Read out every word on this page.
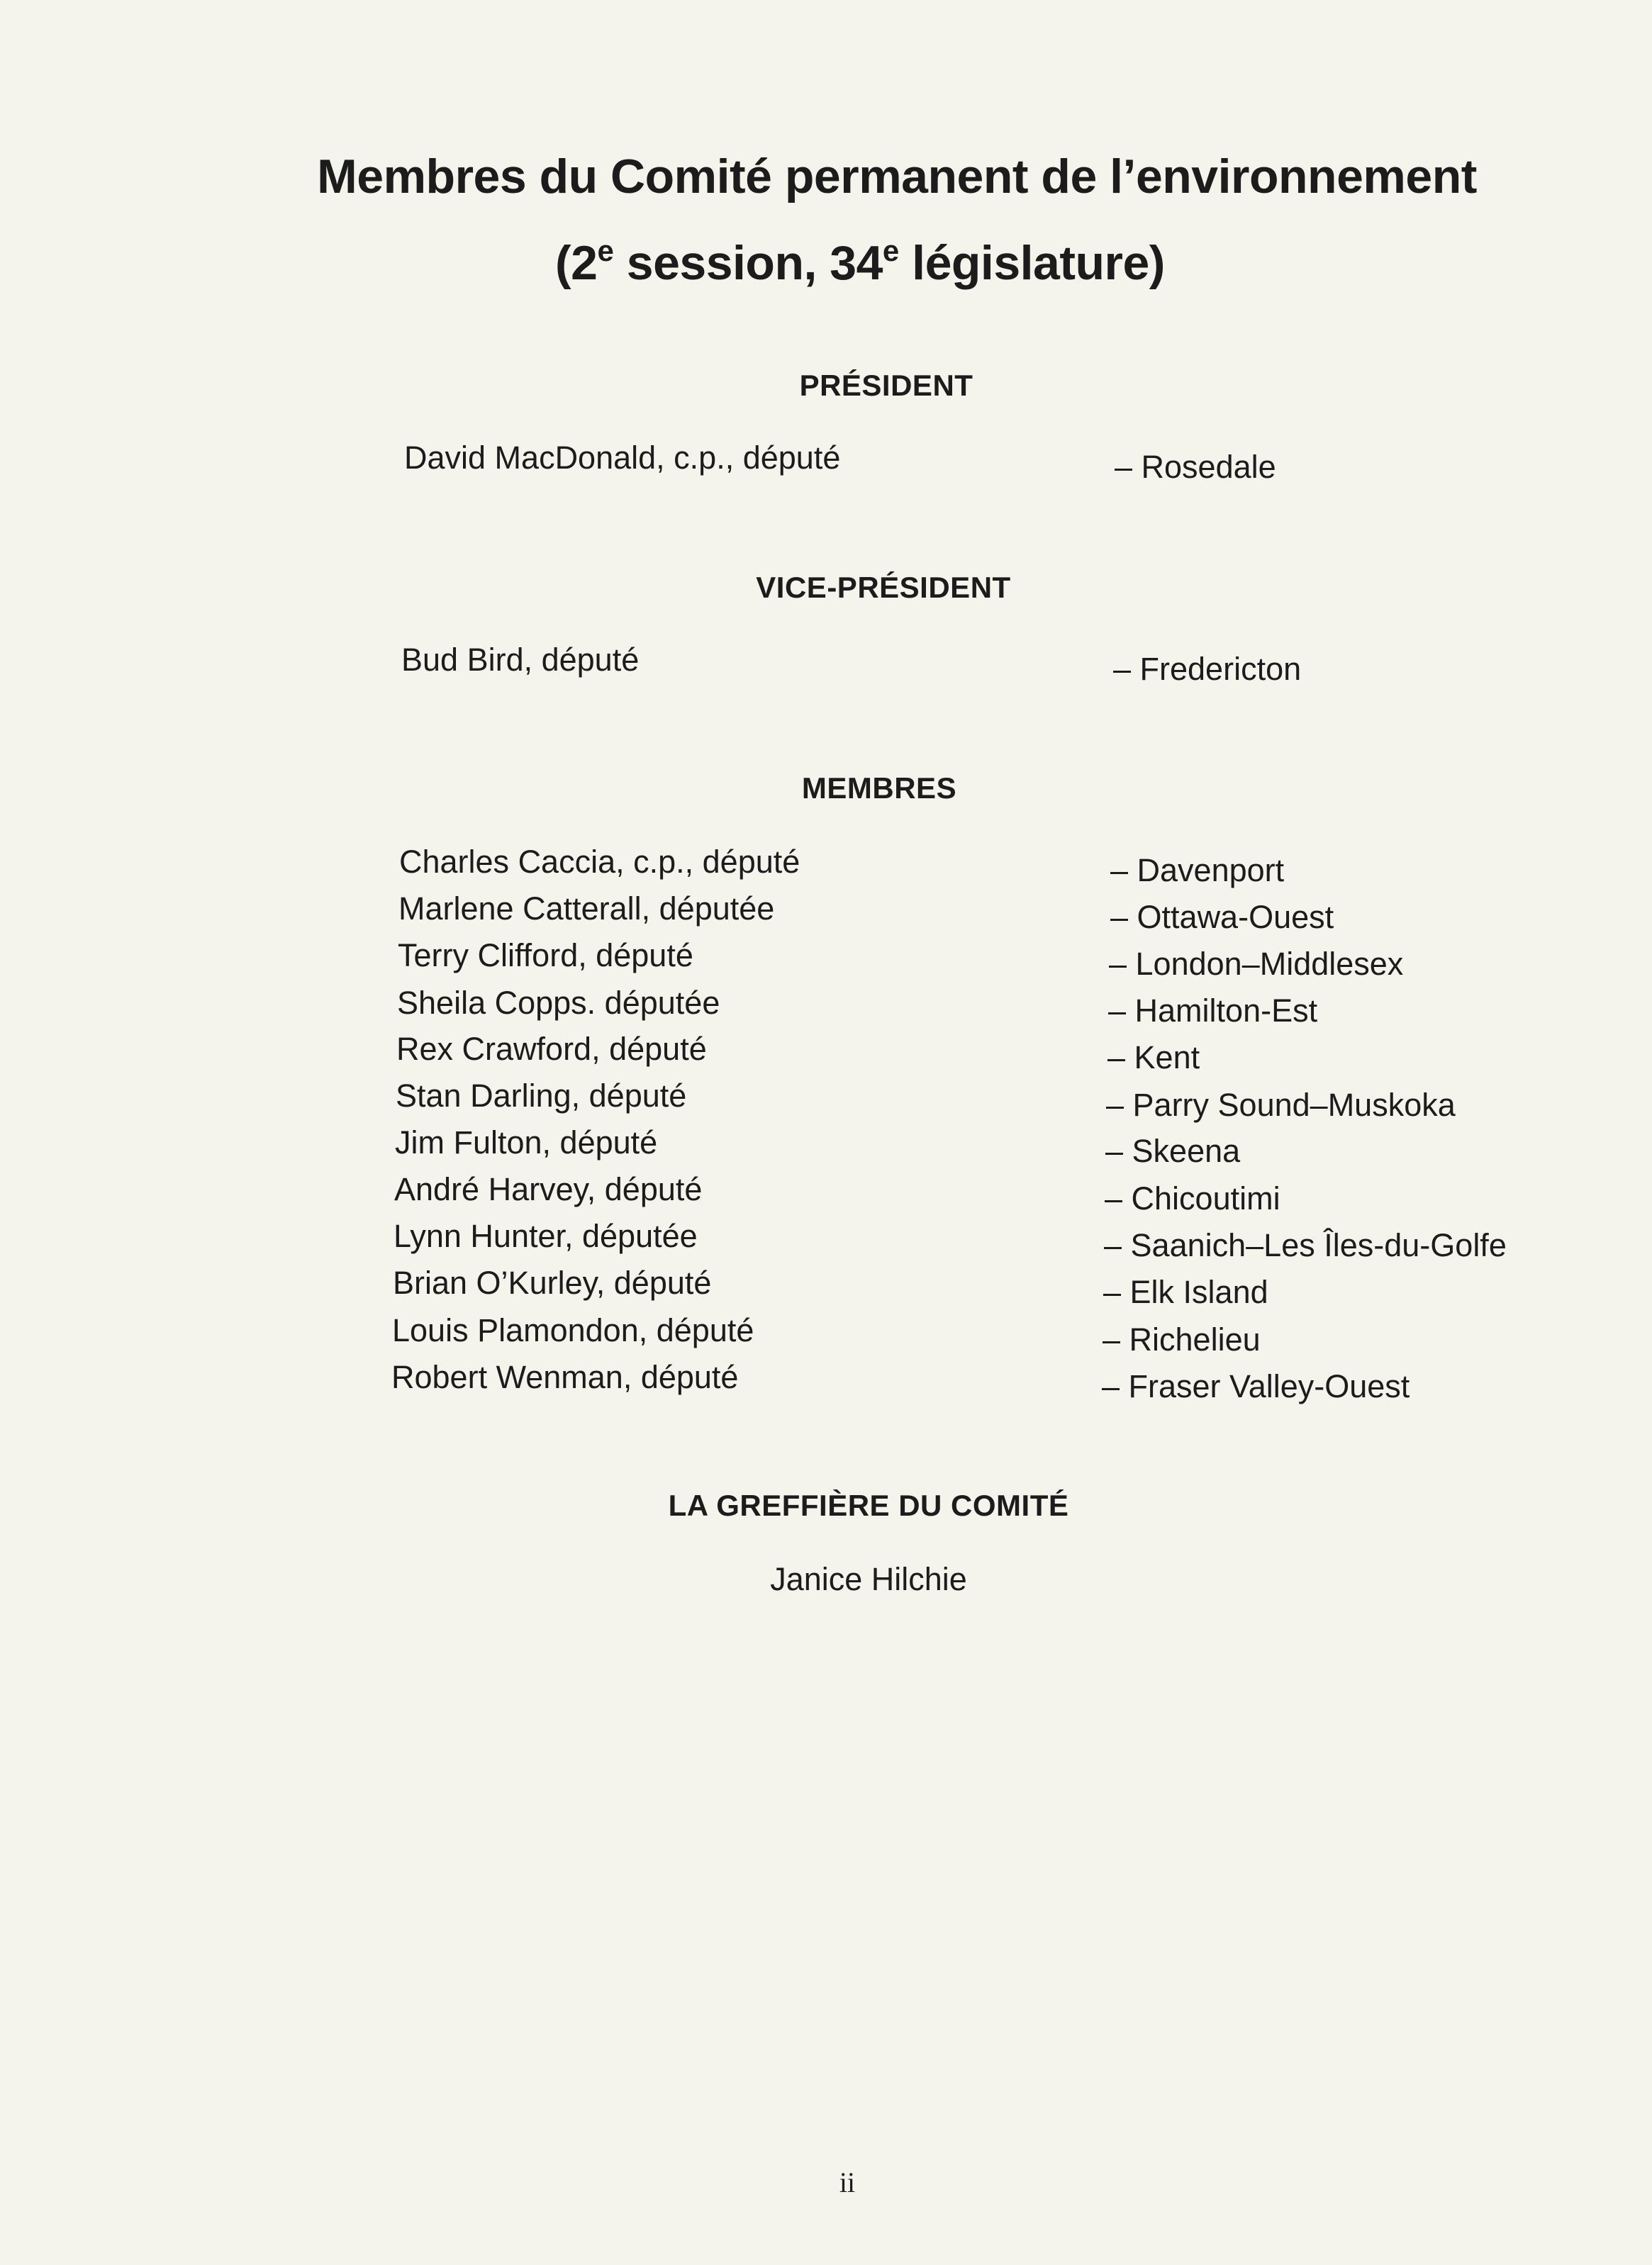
Membres du Comité permanent de l’environnement
(2e session, 34e législature)
PRÉSIDENT
David MacDonald, c.p., député	– Rosedale
VICE-PRÉSIDENT
Bud Bird, député	– Fredericton
MEMBRES
Charles Caccia, c.p., député	– Davenport
Marlene Catterall, députée	– Ottawa-Ouest
Terry Clifford, député	– London–Middlesex
Sheila Copps. députée	– Hamilton-Est
Rex Crawford, député	– Kent
Stan Darling, député	– Parry Sound–Muskoka
Jim Fulton, député	– Skeena
André Harvey, député	– Chicoutimi
Lynn Hunter, députée	– Saanich–Les Îles-du-Golfe
Brian O’Kurley, député	– Elk Island
Louis Plamondon, député	– Richelieu
Robert Wenman, député	– Fraser Valley-Ouest
LA GREFFIÈRE DU COMITÉ
Janice Hilchie
ii
